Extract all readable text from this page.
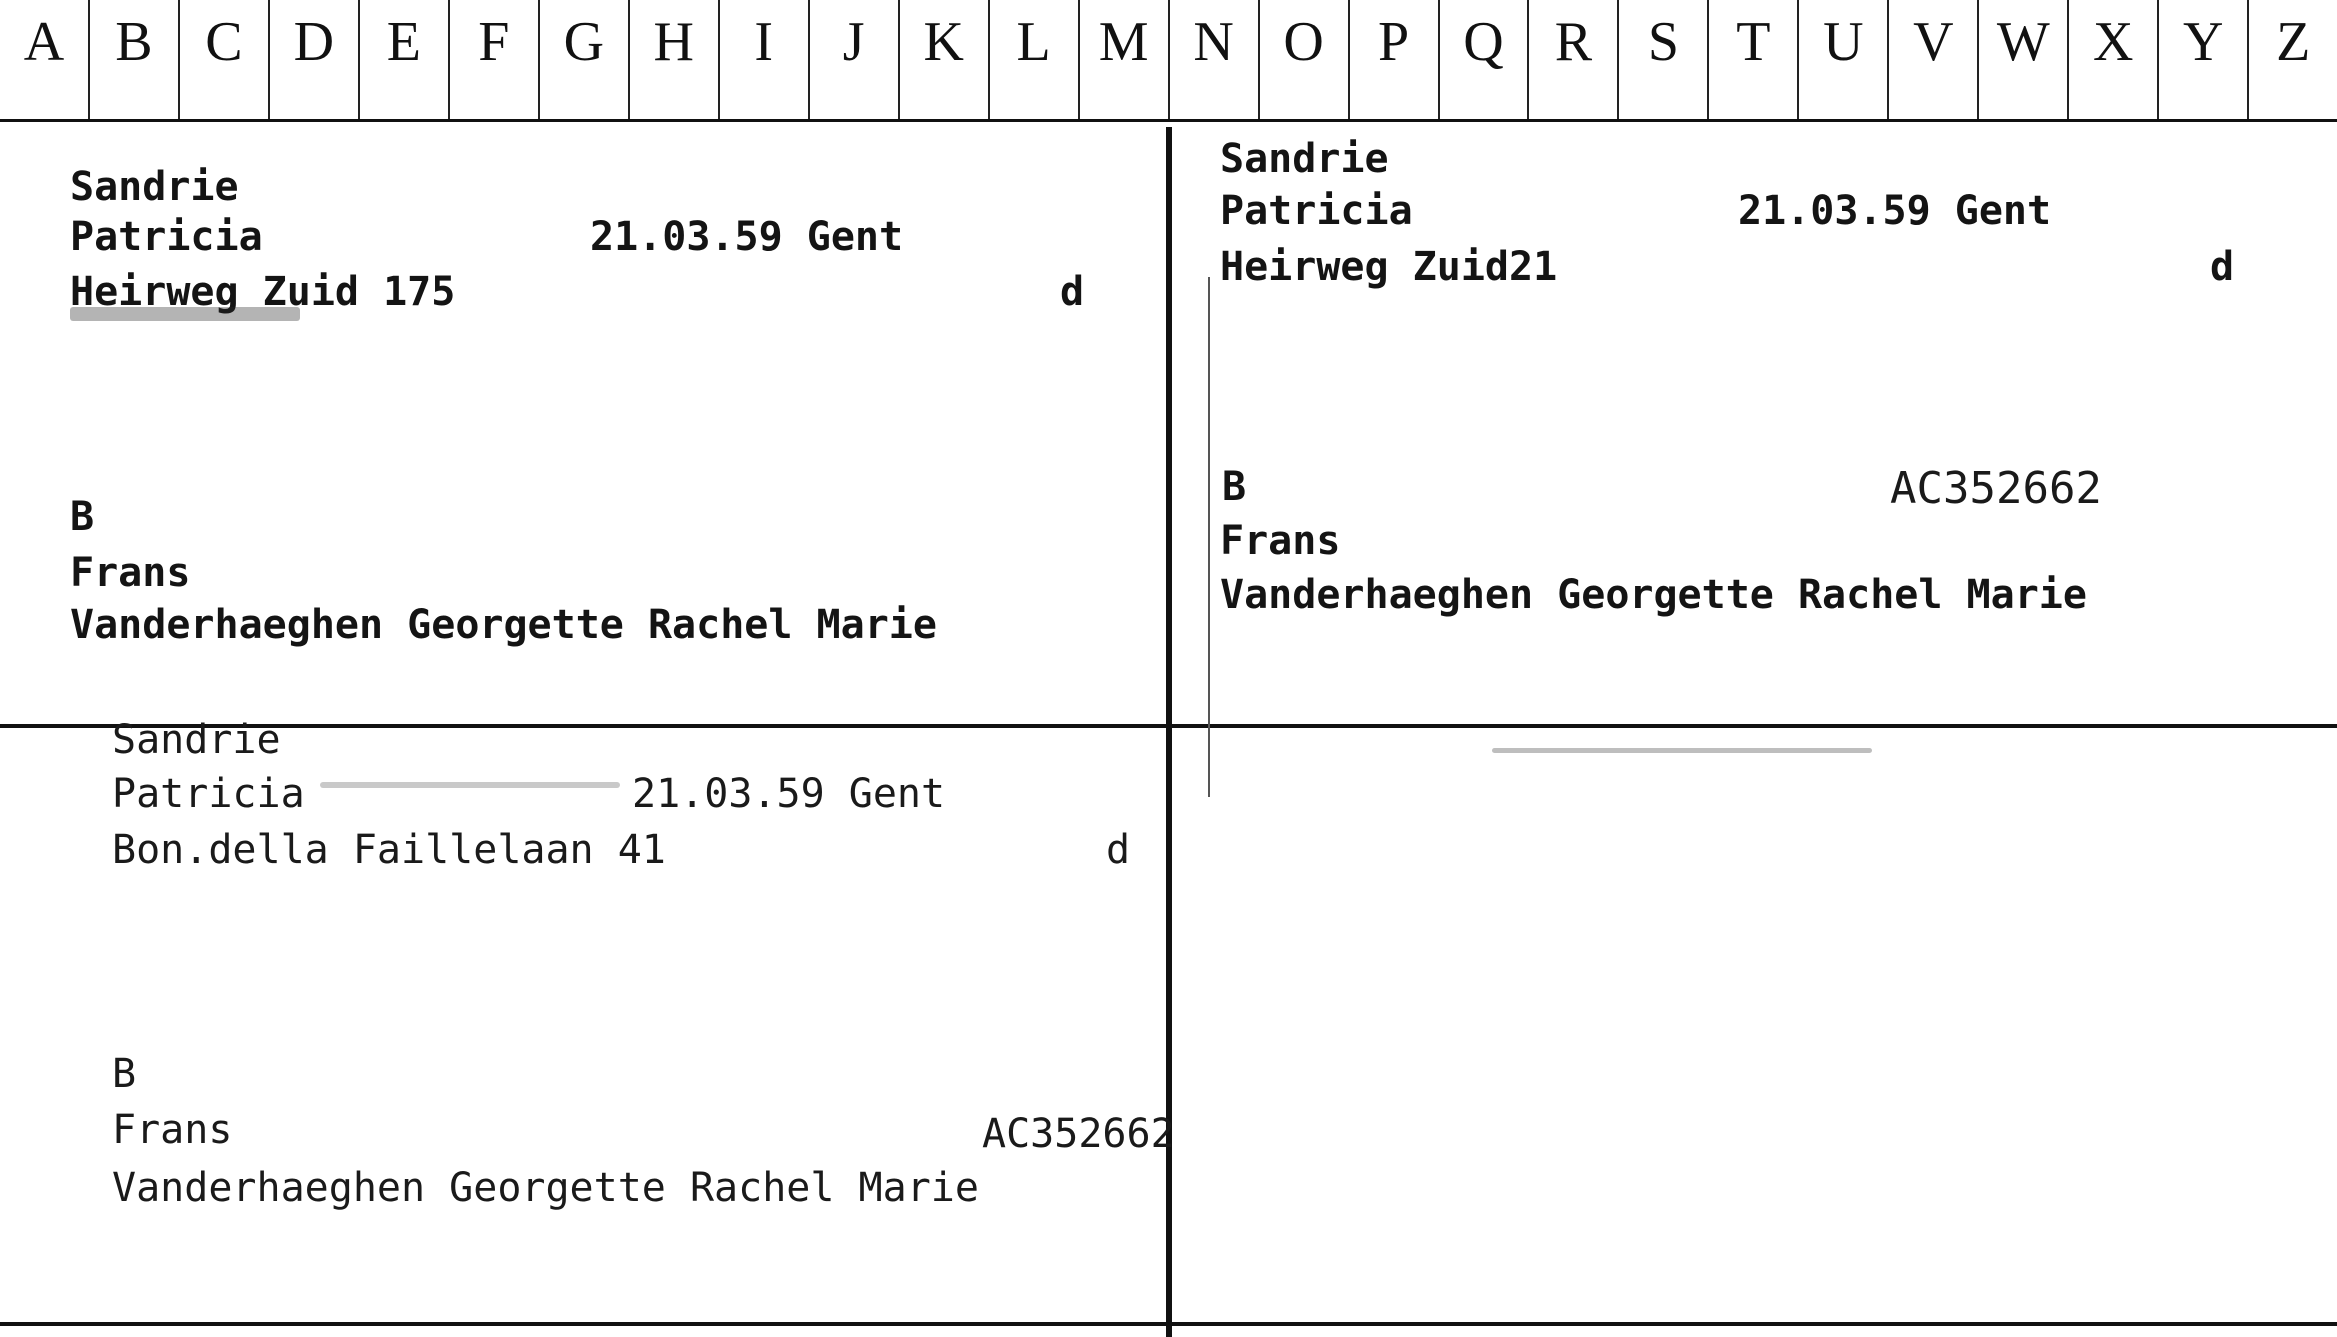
A B C D E	F G H	I	J	K L M N O P Q R S	T U V W X Y Z
Sandrie
Patricia	21.03.59 Gent
Heirweg Zuid 175	d
B
Frans
Vanderhaeghen Georgette Rachel Marie
Sandrie
Patricia	21.03.59 Gent
Heirweg Zuid21	d
B	AC352662
Frans
Vanderhaeghen Georgette Rachel Marie
Sandrie
Patricia	21.03.59 Gent
Bon.della Faillelaan 41	d
B
Frans	AC352662
Vanderhaeghen Georgette Rachel Marie
